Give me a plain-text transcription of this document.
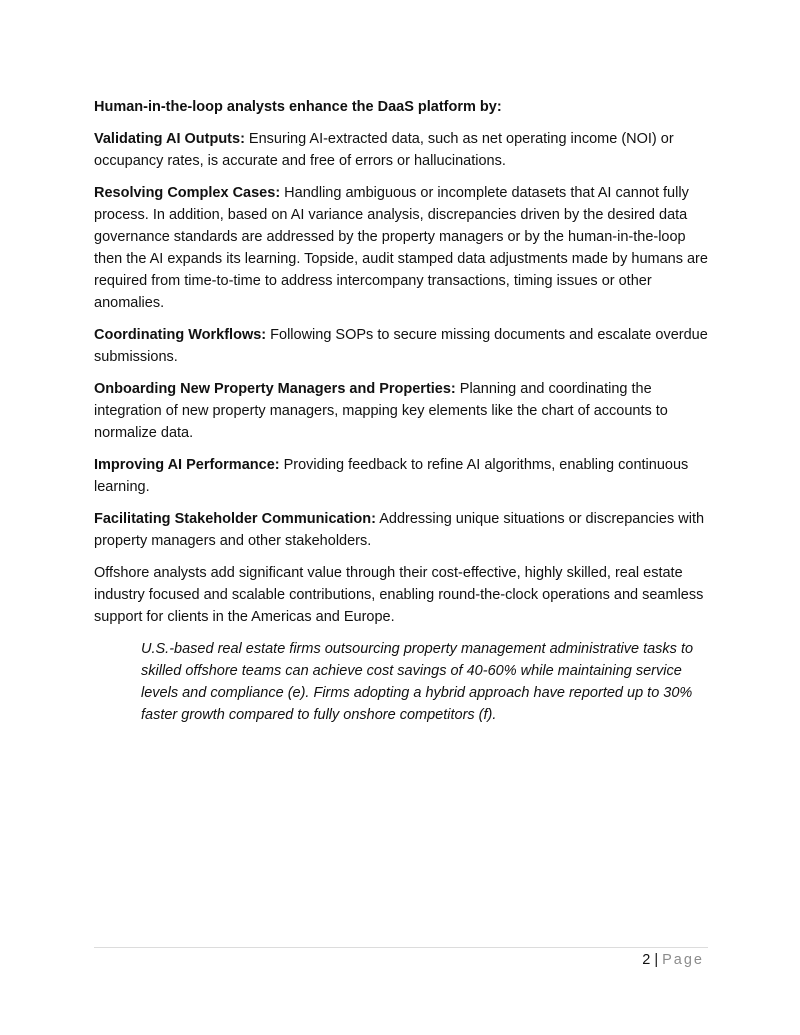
Human-in-the-loop analysts enhance the DaaS platform by:

Validating AI Outputs: Ensuring AI-extracted data, such as net operating income (NOI) or occupancy rates, is accurate and free of errors or hallucinations.

Resolving Complex Cases: Handling ambiguous or incomplete datasets that AI cannot fully process. In addition, based on AI variance analysis, discrepancies driven by the desired data governance standards are addressed by the property managers or by the human-in-the-loop then the AI expands its learning. Topside, audit stamped data adjustments made by humans are required from time-to-time to address intercompany transactions, timing issues or other anomalies.

Coordinating Workflows: Following SOPs to secure missing documents and escalate overdue submissions.

Onboarding New Property Managers and Properties: Planning and coordinating the integration of new property managers, mapping key elements like the chart of accounts to normalize data.

Improving AI Performance: Providing feedback to refine AI algorithms, enabling continuous learning.

Facilitating Stakeholder Communication: Addressing unique situations or discrepancies with property managers and other stakeholders.

Offshore analysts add significant value through their cost-effective, highly skilled, real estate industry focused and scalable contributions, enabling round-the-clock operations and seamless support for clients in the Americas and Europe.

U.S.-based real estate firms outsourcing property management administrative tasks to skilled offshore teams can achieve cost savings of 40-60% while maintaining service levels and compliance (e). Firms adopting a hybrid approach have reported up to 30% faster growth compared to fully onshore competitors (f).

2 | Page
